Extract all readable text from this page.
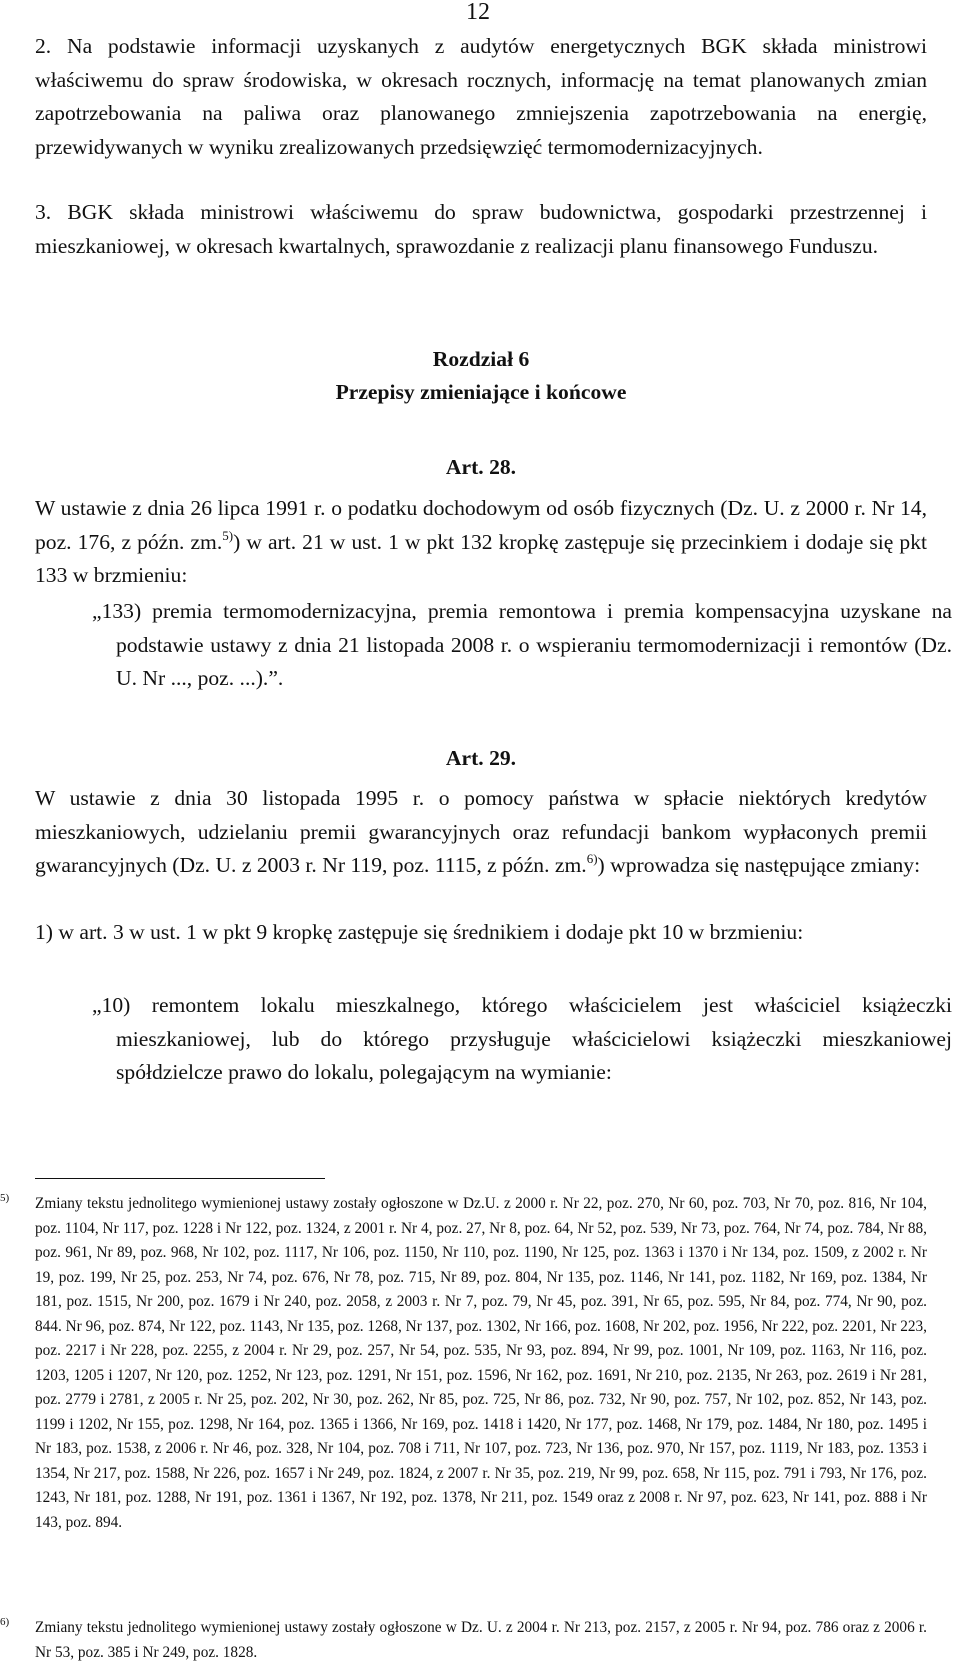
12
2. Na podstawie informacji uzyskanych z audytów energetycznych BGK składa ministrowi właściwemu do spraw środowiska, w okresach rocznych, informację na temat planowanych zmian zapotrzebowania na paliwa oraz planowanego zmniejszenia zapotrzebowania na energię, przewidywanych w wyniku zrealizowanych przedsięwzięć termomodernizacyjnych.
3. BGK składa ministrowi właściwemu do spraw budownictwa, gospodarki przestrzennej i mieszkaniowej, w okresach kwartalnych, sprawozdanie z realizacji planu finansowego Funduszu.
Rozdział 6
Przepisy zmieniające i końcowe
Art. 28.
W ustawie z dnia 26 lipca 1991 r. o podatku dochodowym od osób fizycznych (Dz. U. z 2000 r. Nr 14, poz. 176, z późn. zm.$^{5)}$) w art. 21 w ust. 1 w pkt 132 kropkę zastępuje się przecinkiem i dodaje się pkt 133 w brzmieniu:
„133) premia termomodernizacyjna, premia remontowa i premia kompensacyjna uzyskane na podstawie ustawy z dnia 21 listopada 2008 r. o wspieraniu termomodernizacji i remontów (Dz. U. Nr ..., poz. ...).”.
Art. 29.
W ustawie z dnia 30 listopada 1995 r. o pomocy państwa w spłacie niektórych kredytów mieszkaniowych, udzielaniu premii gwarancyjnych oraz refundacji bankom wypłaconych premii gwarancyjnych (Dz. U. z 2003 r. Nr 119, poz. 1115, z późn. zm.$^{6)}$) wprowadza się następujące zmiany:
1) w art. 3 w ust. 1 w pkt 9 kropkę zastępuje się średnikiem i dodaje pkt 10 w brzmieniu:
„10) remontem lokalu mieszkalnego, którego właścicielem jest właściciel książeczki mieszkaniowej, lub do którego przysługuje właścicielowi książeczki mieszkaniowej spółdzielcze prawo do lokalu, polegającym na wymianie:
$^{5)}$ Zmiany tekstu jednolitego wymienionej ustawy zostały ogłoszone w Dz.U. z 2000 r. Nr 22, poz. 270, Nr 60, poz. 703, Nr 70, poz. 816, Nr 104, poz. 1104, Nr 117, poz. 1228 i Nr 122, poz. 1324, z 2001 r. Nr 4, poz. 27, Nr 8, poz. 64, Nr 52, poz. 539, Nr 73, poz. 764, Nr 74, poz. 784, Nr 88, poz. 961, Nr 89, poz. 968, Nr 102, poz. 1117, Nr 106, poz. 1150, Nr 110, poz. 1190, Nr 125, poz. 1363 i 1370 i Nr 134, poz. 1509, z 2002 r. Nr 19, poz. 199, Nr 25, poz. 253, Nr 74, poz. 676, Nr 78, poz. 715, Nr 89, poz. 804, Nr 135, poz. 1146, Nr 141, poz. 1182, Nr 169, poz. 1384, Nr 181, poz. 1515, Nr 200, poz. 1679 i Nr 240, poz. 2058, z 2003 r. Nr 7, poz. 79, Nr 45, poz. 391, Nr 65, poz. 595, Nr 84, poz. 774, Nr 90, poz. 844. Nr 96, poz. 874, Nr 122, poz. 1143, Nr 135, poz. 1268, Nr 137, poz. 1302, Nr 166, poz. 1608, Nr 202, poz. 1956, Nr 222, poz. 2201, Nr 223, poz. 2217 i Nr 228, poz. 2255, z 2004 r. Nr 29, poz. 257, Nr 54, poz. 535, Nr 93, poz. 894, Nr 99, poz. 1001, Nr 109, poz. 1163, Nr 116, poz. 1203, 1205 i 1207, Nr 120, poz. 1252, Nr 123, poz. 1291, Nr 151, poz. 1596, Nr 162, poz. 1691, Nr 210, poz. 2135, Nr 263, poz. 2619 i Nr 281, poz. 2779 i 2781, z 2005 r. Nr 25, poz. 202, Nr 30, poz. 262, Nr 85, poz. 725, Nr 86, poz. 732, Nr 90, poz. 757, Nr 102, poz. 852, Nr 143, poz. 1199 i 1202, Nr 155, poz. 1298, Nr 164, poz. 1365 i 1366, Nr 169, poz. 1418 i 1420, Nr 177, poz. 1468, Nr 179, poz. 1484, Nr 180, poz. 1495 i Nr 183, poz. 1538, z 2006 r. Nr 46, poz. 328, Nr 104, poz. 708 i 711, Nr 107, poz. 723, Nr 136, poz. 970, Nr 157, poz. 1119, Nr 183, poz. 1353 i 1354, Nr 217, poz. 1588, Nr 226, poz. 1657 i Nr 249, poz. 1824, z 2007 r. Nr 35, poz. 219, Nr 99, poz. 658, Nr 115, poz. 791 i 793, Nr 176, poz. 1243, Nr 181, poz. 1288, Nr 191, poz. 1361 i 1367, Nr 192, poz. 1378, Nr 211, poz. 1549 oraz z 2008 r. Nr 97, poz. 623, Nr 141, poz. 888 i Nr 143, poz. 894.
$^{6)}$ Zmiany tekstu jednolitego wymienionej ustawy zostały ogłoszone w Dz. U. z 2004 r. Nr 213, poz. 2157, z 2005 r. Nr 94, poz. 786 oraz z 2006 r. Nr 53, poz. 385 i Nr 249, poz. 1828.
